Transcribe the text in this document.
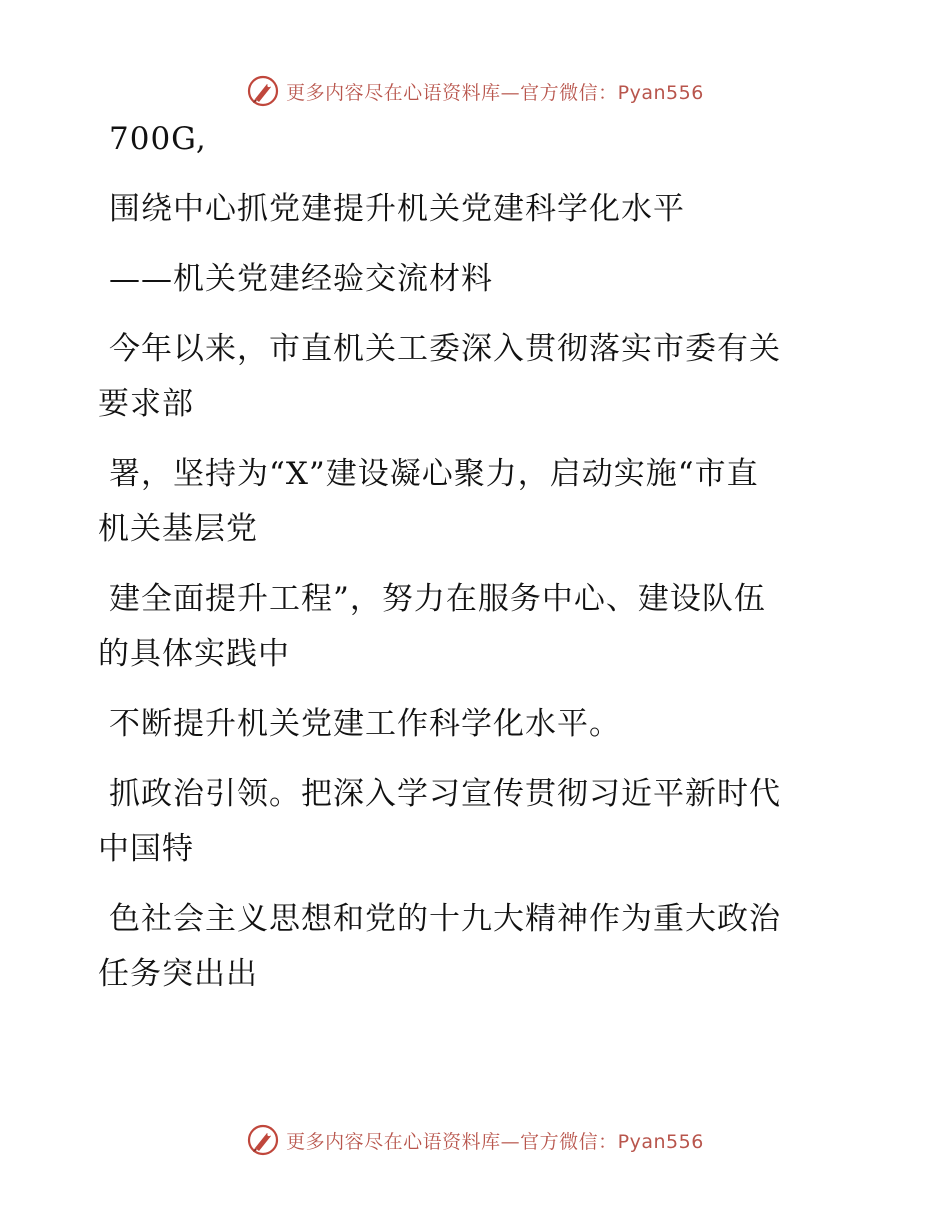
更多内容尽在心语资料库—官方微信：Pyan556

700G,

围绕中心抓党建提升机关党建科学化水平

——机关党建经验交流材料

今年以来，市直机关工委深入贯彻落实市委有关
要求部

署，坚持为“X”建设凝心聚力，启动实施“市直
机关基层党

建全面提升工程”，努力在服务中心、建设队伍
的具体实践中

不断提升机关党建工作科学化水平。

抓政治引领。把深入学习宣传贯彻习近平新时代
中国特

色社会主义思想和党的十九大精神作为重大政治
任务突出出

更多内容尽在心语资料库—官方微信：Pyan556
